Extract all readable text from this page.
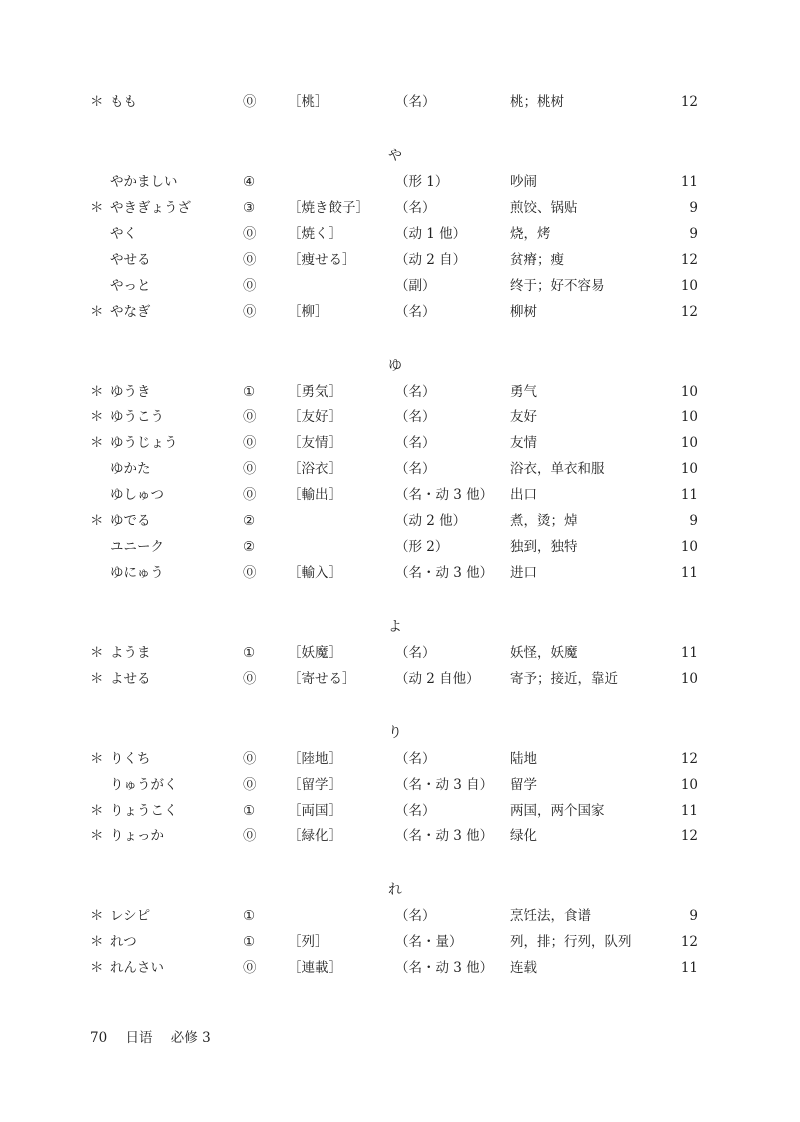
＊ もも	⓪ ［桃］	（名）	桃；桃树	12
や
やかましい	④	（形 1）	吵闹	11
＊ やきぎょうざ	③ ［焼き餃子］ （名）	煎饺、锅贴	9
やく	⓪ ［焼く］	（动 1 他）	烧，烤	9
やせる	⓪ ［痩せる］	（动 2 自）	贫瘠；瘦	12
やっと	⓪	（副）	终于；好不容易	10
＊ やなぎ	⓪ ［柳］	（名）	柳树	12
ゆ
＊ ゆうき	① ［勇気］	（名）	勇气	10
＊ ゆうこう	⓪ ［友好］	（名）	友好	10
＊ ゆうじょう	⓪ ［友情］	（名）	友情	10
ゆかた	⓪ ［浴衣］	（名）	浴衣，单衣和服	10
ゆしゅつ	⓪ ［輸出］	（名・动 3 他） 出口	11
＊ ゆでる	②	（动 2 他）	煮，烫；焯	9
ユニーク	②	（形 2）	独到，独特	10
ゆにゅう	⓪ ［輸入］	（名・动 3 他） 进口	11
よ
＊ ようま	① ［妖魔］	（名）	妖怪，妖魔	11
＊ よせる	⓪ ［寄せる］	（动 2 自他） 寄予；接近，靠近	10
り
＊ りくち	⓪ ［陸地］	（名）	陆地	12
りゅうがく	⓪ ［留学］	（名・动 3 自） 留学	10
＊ りょうこく	① ［両国］	（名）	两国，两个国家	11
＊ りょっか	⓪ ［緑化］	（名・动 3 他） 绿化	12
れ
＊ レシピ	①	（名）	烹饪法，食谱	9
＊ れつ	① ［列］	（名・量）	列，排；行列，队列	12
＊ れんさい	⓪ ［連載］	（名・动 3 他） 连载	11
70 日语 必修 3
